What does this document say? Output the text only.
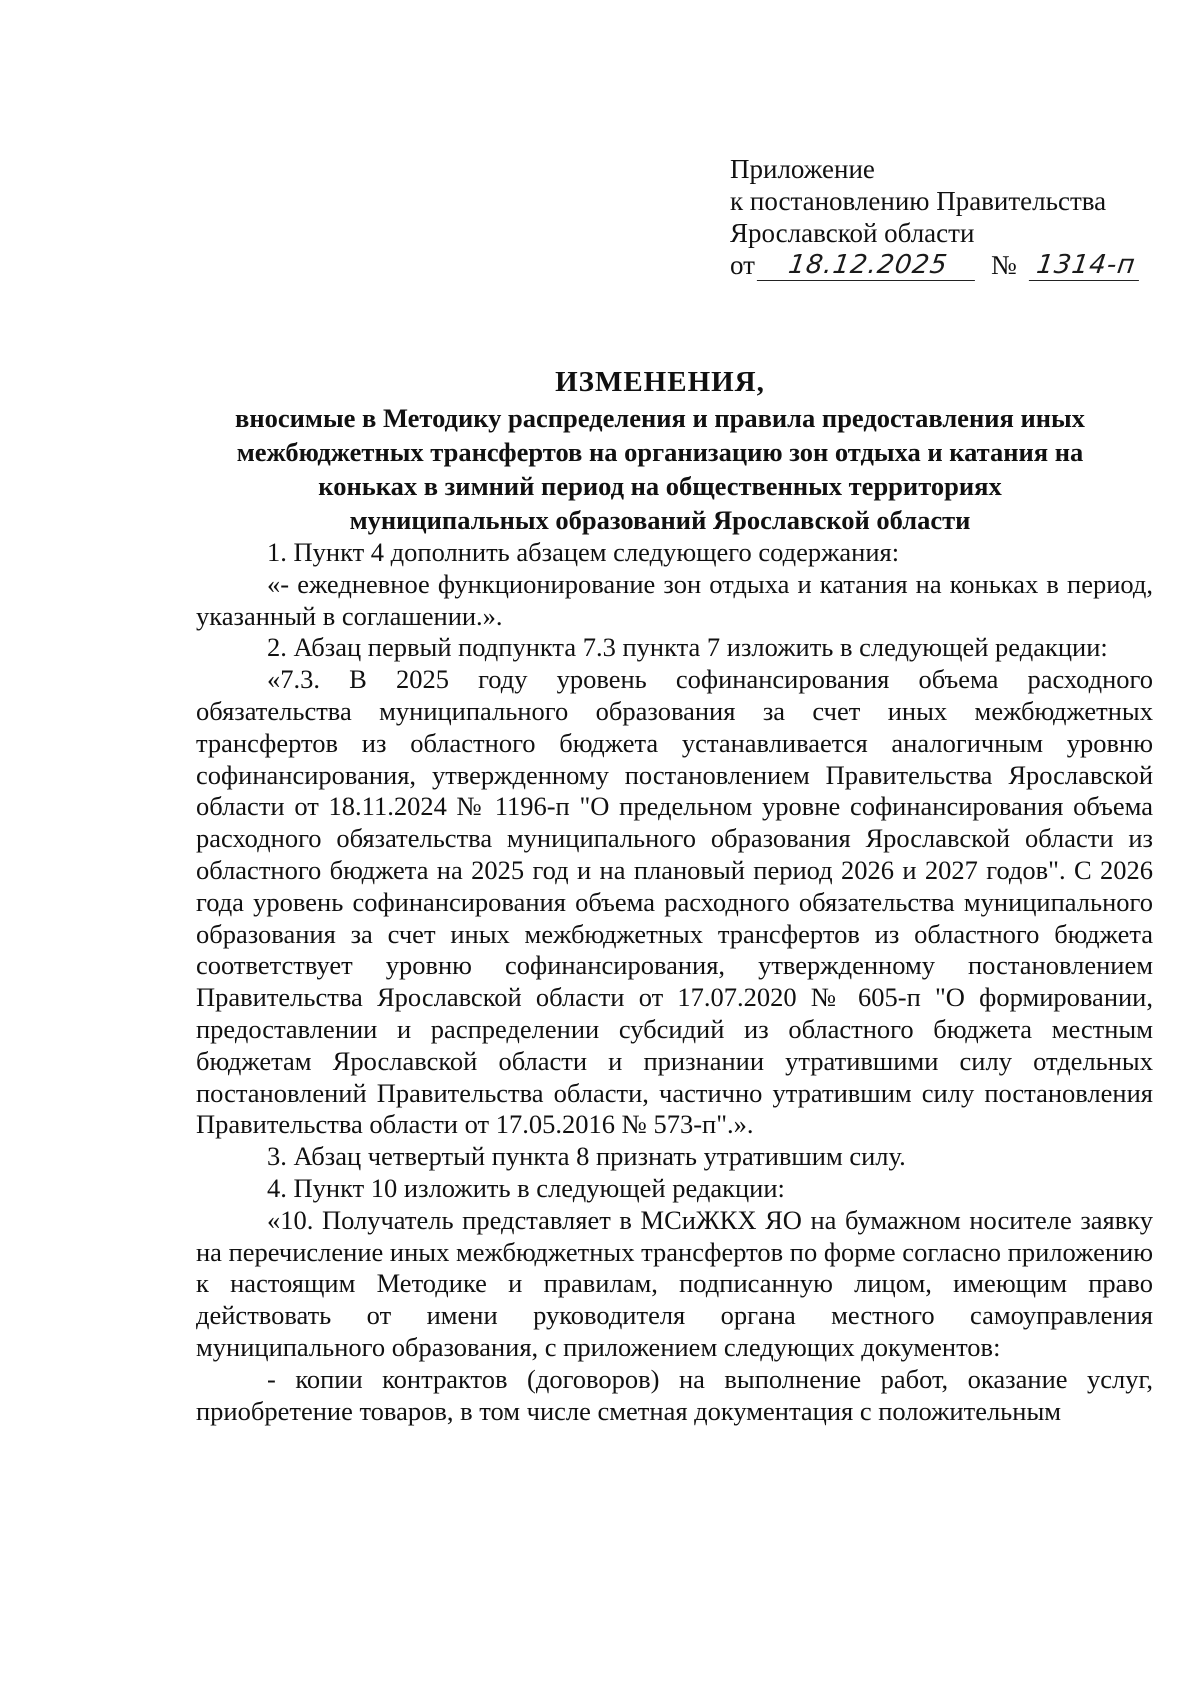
Приложение
к постановлению Правительства
Ярославской области
от	18.12.2025	№ 1314-п
ИЗМЕНЕНИЯ,
вносимые в Методику распределения и правила предоставления иных
межбюджетных трансфертов на организацию зон отдыха и катания на
коньках в зимний период на общественных территориях
муниципальных образований Ярославской области

1. Пункт 4 дополнить абзацем следующего содержания:

«- ежедневное функционирование зон отдыха и катания на коньках в период, указанный в соглашении.».

2. Абзац первый подпункта 7.3 пункта 7 изложить в следующей редакции:

«7.3. В 2025 году уровень софинансирования объема расходного обязательства муниципального образования за счет иных межбюджетных трансфертов из областного бюджета устанавливается аналогичным уровню софинансирования, утвержденному постановлением Правительства Ярославской области от 18.11.2024 № 1196-п "О предельном уровне софинансирования объема расходного обязательства муниципального образования Ярославской области из областного бюджета на 2025 год и на плановый период 2026 и 2027 годов". С 2026 года уровень софинансирования объема расходного обязательства муниципального образования за счет иных межбюджетных трансфертов из областного бюджета соответствует уровню софинансирования, утвержденному постановлением Правительства Ярославской области от 17.07.2020 № 605-п "О формировании, предоставлении и распределении субсидий из областного бюджета местным бюджетам Ярославской области и признании утратившими силу отдельных постановлений Правительства области, частично утратившим силу постановления Правительства области от 17.05.2016 № 573-п".».

3. Абзац четвертый пункта 8 признать утратившим силу.

4. Пункт 10 изложить в следующей редакции:

«10. Получатель представляет в МСиЖКХ ЯО на бумажном носителе заявку на перечисление иных межбюджетных трансфертов по форме согласно приложению к настоящим Методике и правилам, подписанную лицом, имеющим право действовать от имени руководителя органа местного самоуправления муниципального образования, с приложением следующих документов:

- копии контрактов (договоров) на выполнение работ, оказание услуг, приобретение товаров, в том числе сметная документация с положительным
